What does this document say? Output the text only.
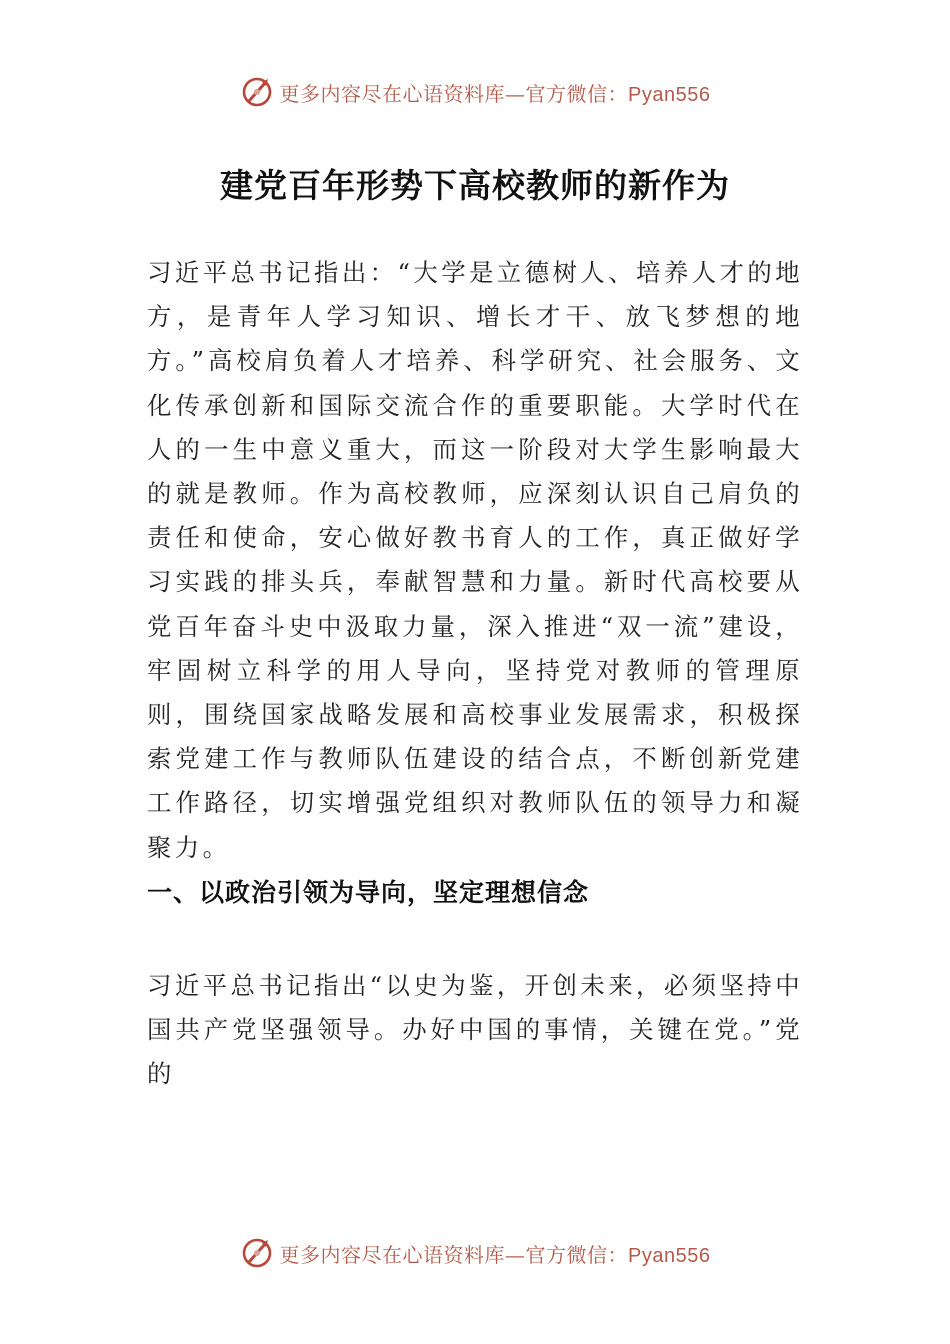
更多内容尽在心语资料库—官方微信：Pyan556
建党百年形势下高校教师的新作为

习近平总书记指出：“大学是立德树人、培养人才的地方，是青年人学习知识、增长才干、放飞梦想的地方。”高校肩负着人才培养、科学研究、社会服务、文化传承创新和国际交流合作的重要职能。大学时代在人的一生中意义重大，而这一阶段对大学生影响最大的就是教师。作为高校教师，应深刻认识自己肩负的责任和使命，安心做好教书育人的工作，真正做好学习实践的排头兵，奉献智慧和力量。新时代高校要从党百年奋斗史中汲取力量，深入推进“双一流”建设，牢固树立科学的用人导向，坚持党对教师的管理原则，围绕国家战略发展和高校事业发展需求，积极探索党建工作与教师队伍建设的结合点，不断创新党建工作路径，切实增强党组织对教师队伍的领导力和凝聚力。

一、以政治引领为导向，坚定理想信念

习近平总书记指出“以史为鉴，开创未来，必须坚持中国共产党坚强领导。办好中国的事情，关键在党。”党的

更多内容尽在心语资料库—官方微信：Pyan556
